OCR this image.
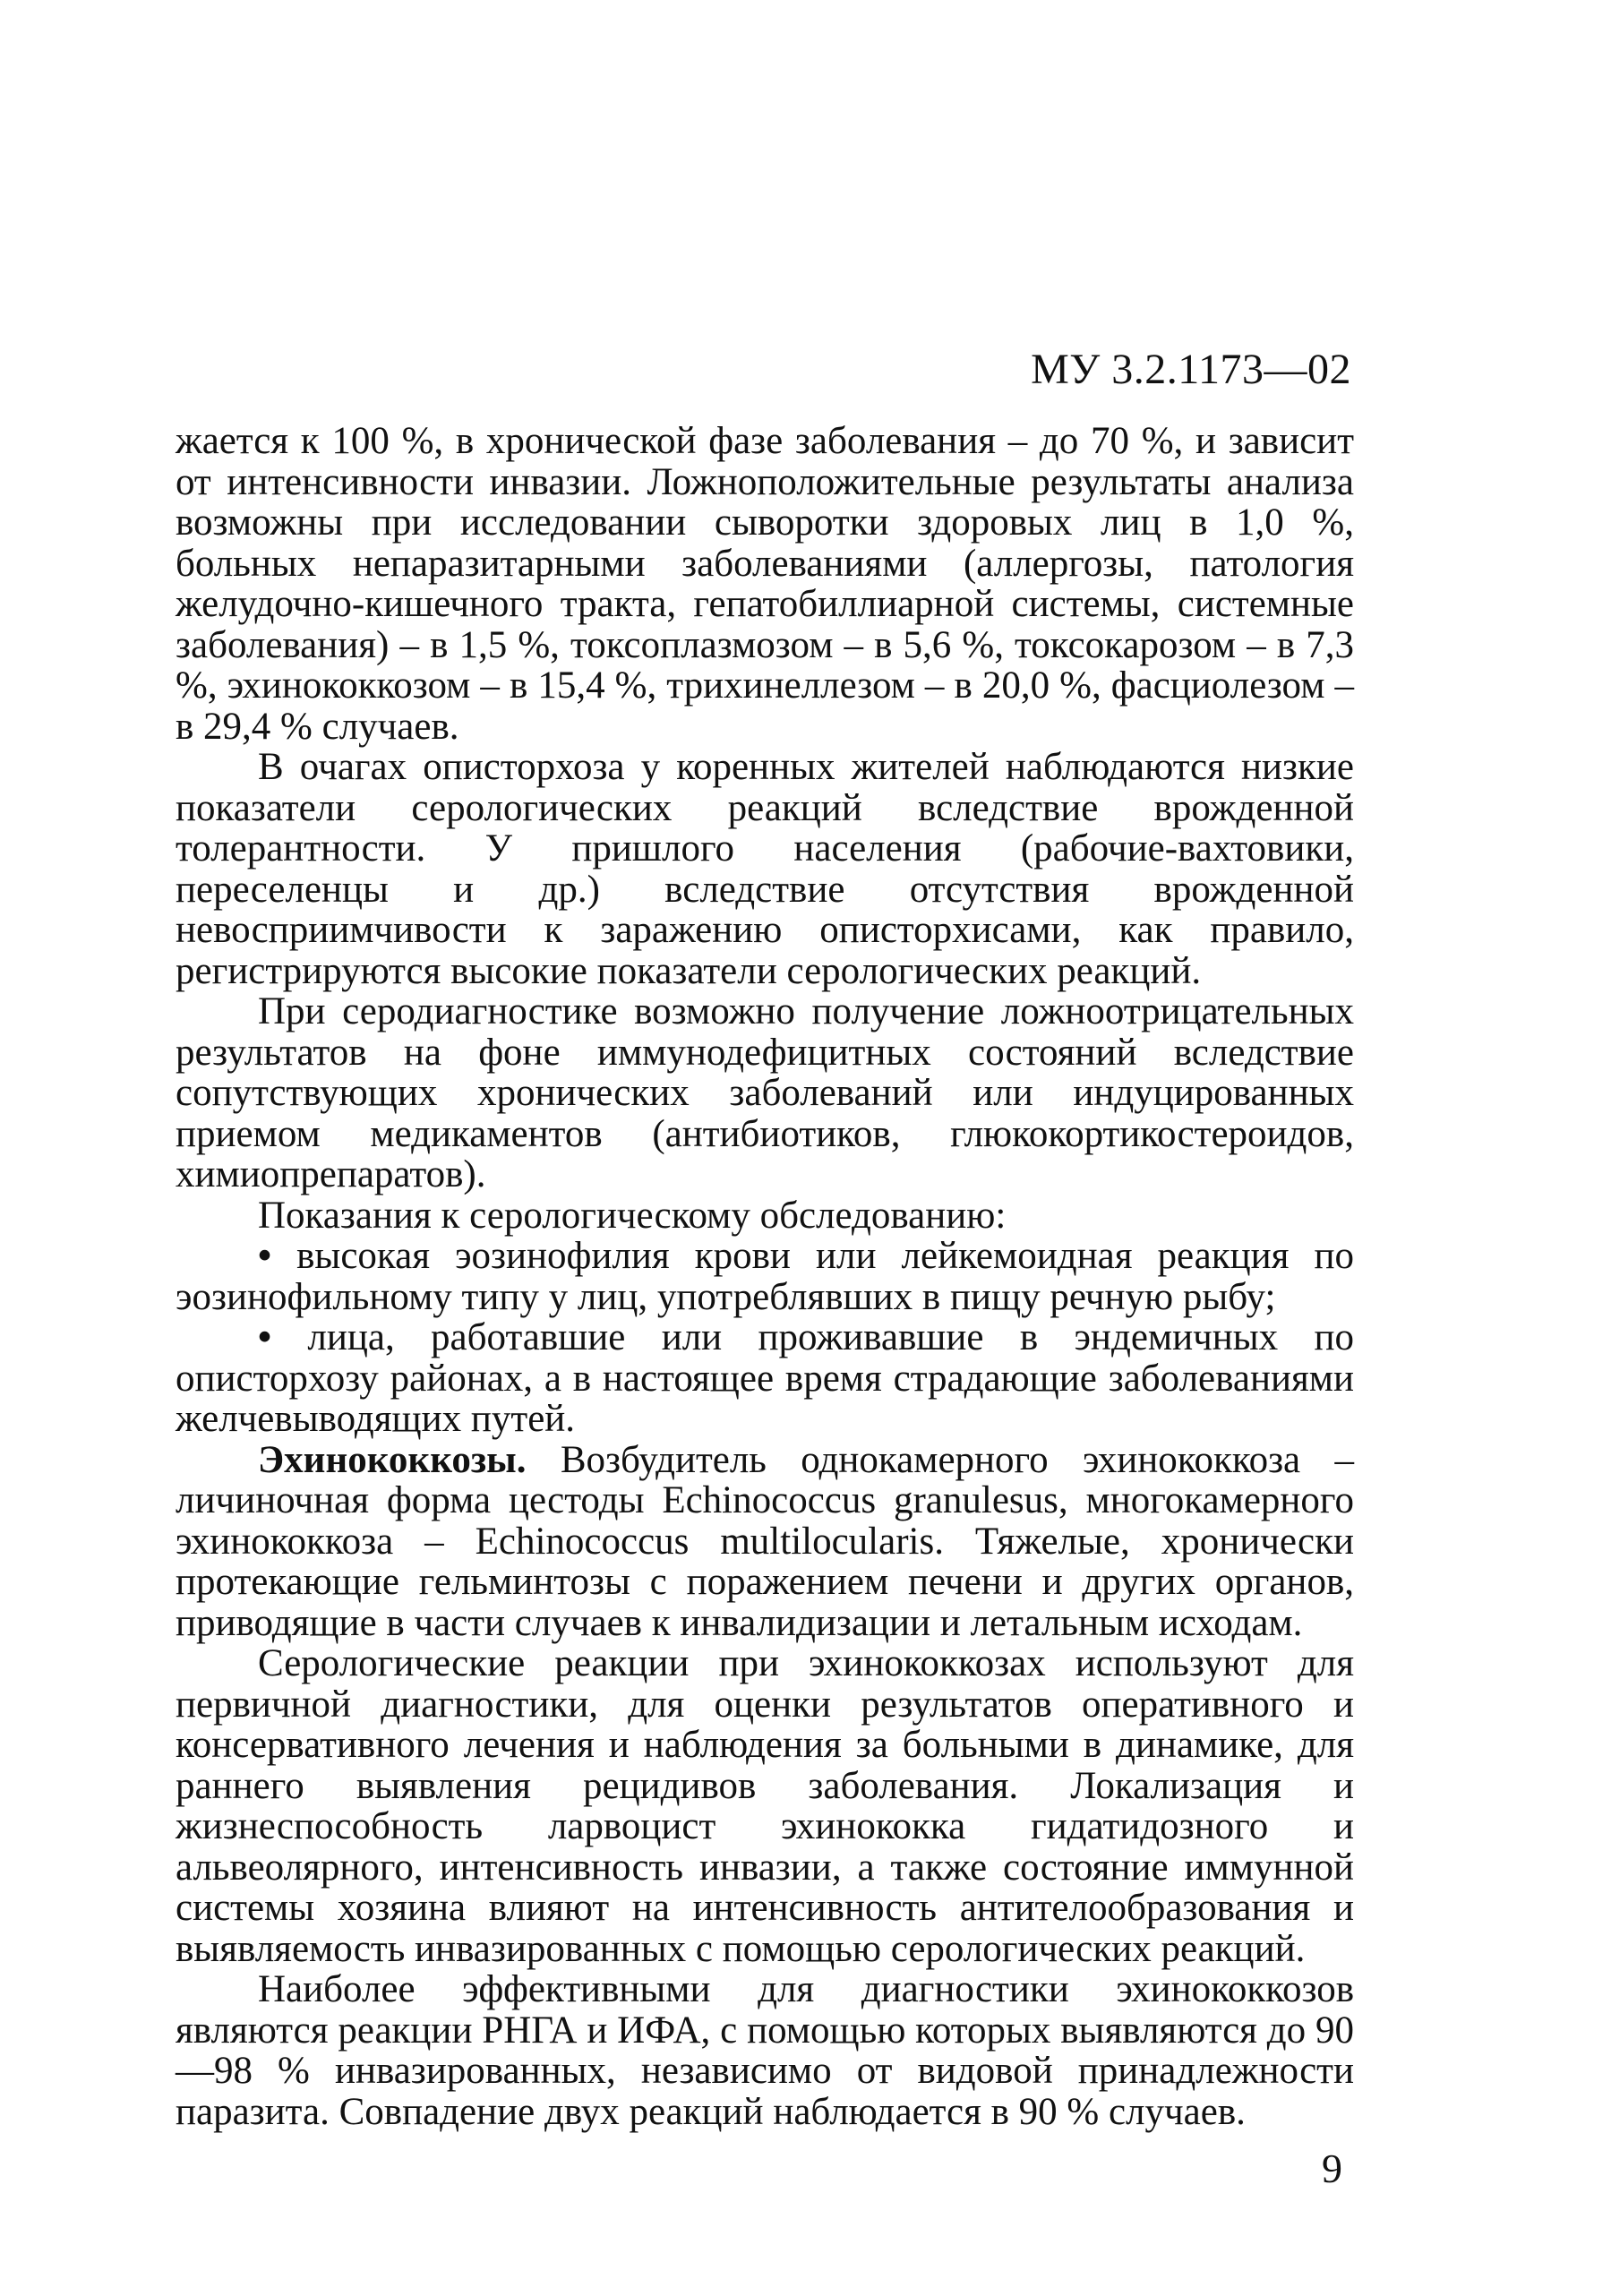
МУ 3.2.1173—02

жается к 100 %, в хронической фазе заболевания – до 70 %, и зависит от интенсивности инвазии. Ложноположительные результаты анализа возможны при исследовании сыворотки здоровых лиц в 1,0 %, больных непаразитарными заболеваниями (аллергозы, патология желудочно-кишечного тракта, гепатобиллиарной системы, системные заболевания) – в 1,5 %, токсоплазмозом – в 5,6 %, токсокарозом – в 7,3 %, эхинококкозом – в 15,4 %, трихинеллезом – в 20,0 %, фасциолезом – в 29,4 % случаев.

В очагах описторхоза у коренных жителей наблюдаются низкие показатели серологических реакций вследствие врожденной толерантности. У пришлого населения (рабочие-вахтовики, переселенцы и др.) вследствие отсутствия врожденной невосприимчивости к заражению описторхисами, как правило, регистрируются высокие показатели серологических реакций.

При серодиагностике возможно получение ложноотрицательных результатов на фоне иммунодефицитных состояний вследствие сопутствующих хронических заболеваний или индуцированных приемом медикаментов (антибиотиков, глюкокортикостероидов, химиопрепаратов).

Показания к серологическому обследованию:

• высокая эозинофилия крови или лейкемоидная реакция по эозинофильному типу у лиц, употреблявших в пищу речную рыбу;

• лица, работавшие или проживавшие в эндемичных по описторхозу районах, а в настоящее время страдающие заболеваниями желчевыводящих путей.

Эхинококкозы. Возбудитель однокамерного эхинококкоза – личиночная форма цестоды Echinococcus granulesus, многокамерного эхинококкоза – Echinococcus multilocularis. Тяжелые, хронически протекающие гельминтозы с поражением печени и других органов, приводящие в части случаев к инвалидизации и летальным исходам.

Серологические реакции при эхинококкозах используют для первичной диагностики, для оценки результатов оперативного и консервативного лечения и наблюдения за больными в динамике, для раннего выявления рецидивов заболевания. Локализация и жизнеспособность ларвоцист эхинококка гидатидозного и альвеолярного, интенсивность инвазии, а также состояние иммунной системы хозяина влияют на интенсивность антителообразования и выявляемость инвазированных с помощью серологических реакций.

Наиболее эффективными для диагностики эхинококкозов являются реакции РНГА и ИФА, с помощью которых выявляются до 90—98 % инвазированных, независимо от видовой принадлежности паразита. Совпадение двух реакций наблюдается в 90 % случаев.

9
